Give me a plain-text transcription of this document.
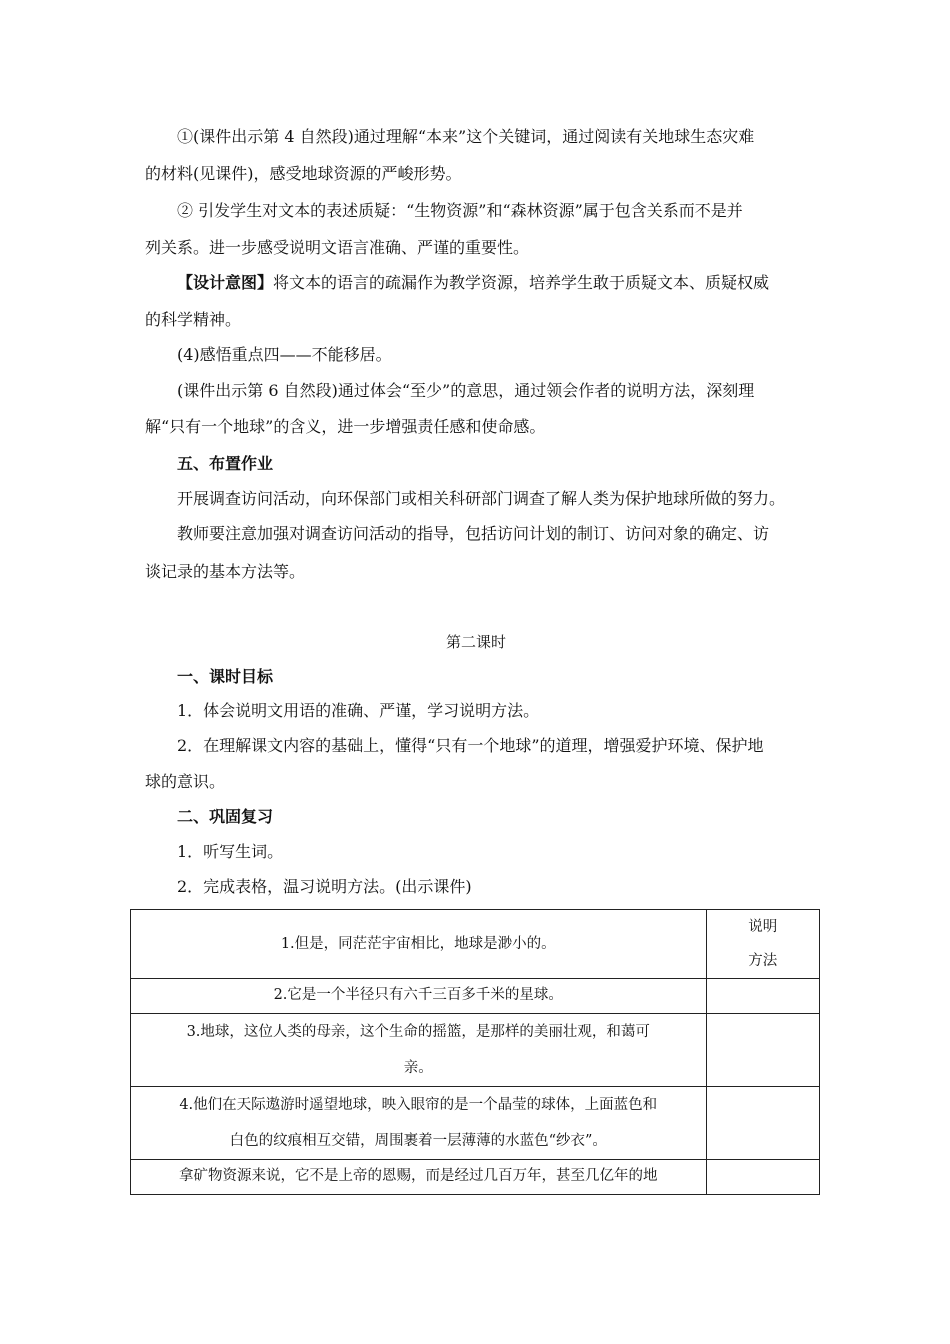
①(课件出示第 4 自然段)通过理解“本来”这个关键词，通过阅读有关地球生态灾难
的材料(见课件)，感受地球资源的严峻形势。
② 引发学生对文本的表述质疑：“生物资源”和“森林资源”属于包含关系而不是并
列关系。进一步感受说明文语言准确、严谨的重要性。
【设计意图】将文本的语言的疏漏作为教学资源，培养学生敢于质疑文本、质疑权威
的科学精神。
(4)感悟重点四——不能移居。
(课件出示第 6 自然段)通过体会“至少”的意思，通过领会作者的说明方法，深刻理
解“只有一个地球”的含义，进一步增强责任感和使命感。
五、布置作业
开展调查访问活动，向环保部门或相关科研部门调查了解人类为保护地球所做的努力。
教师要注意加强对调查访问活动的指导，包括访问计划的制订、访问对象的确定、访
谈记录的基本方法等。
第二课时
一、课时目标
1．体会说明文用语的准确、严谨，学习说明方法。
2．在理解课文内容的基础上，懂得“只有一个地球”的道理，增强爱护环境、保护地
球的意识。
二、巩固复习
1．听写生词。
2．完成表格，温习说明方法。(出示课件)
1.但是，同茫茫宇宙相比，地球是渺小的。	说明
方法

2.它是一个半径只有六千三百多千米的星球。	

3.地球，这位人类的母亲，这个生命的摇篮，是那样的美丽壮观，和蔼可
亲。	

4.他们在天际遨游时遥望地球，映入眼帘的是一个晶莹的球体，上面蓝色和
白色的纹痕相互交错，周围裹着一层薄薄的水蓝色“纱衣”。	

拿矿物资源来说，它不是上帝的恩赐，而是经过几百万年，甚至几亿年的地	
